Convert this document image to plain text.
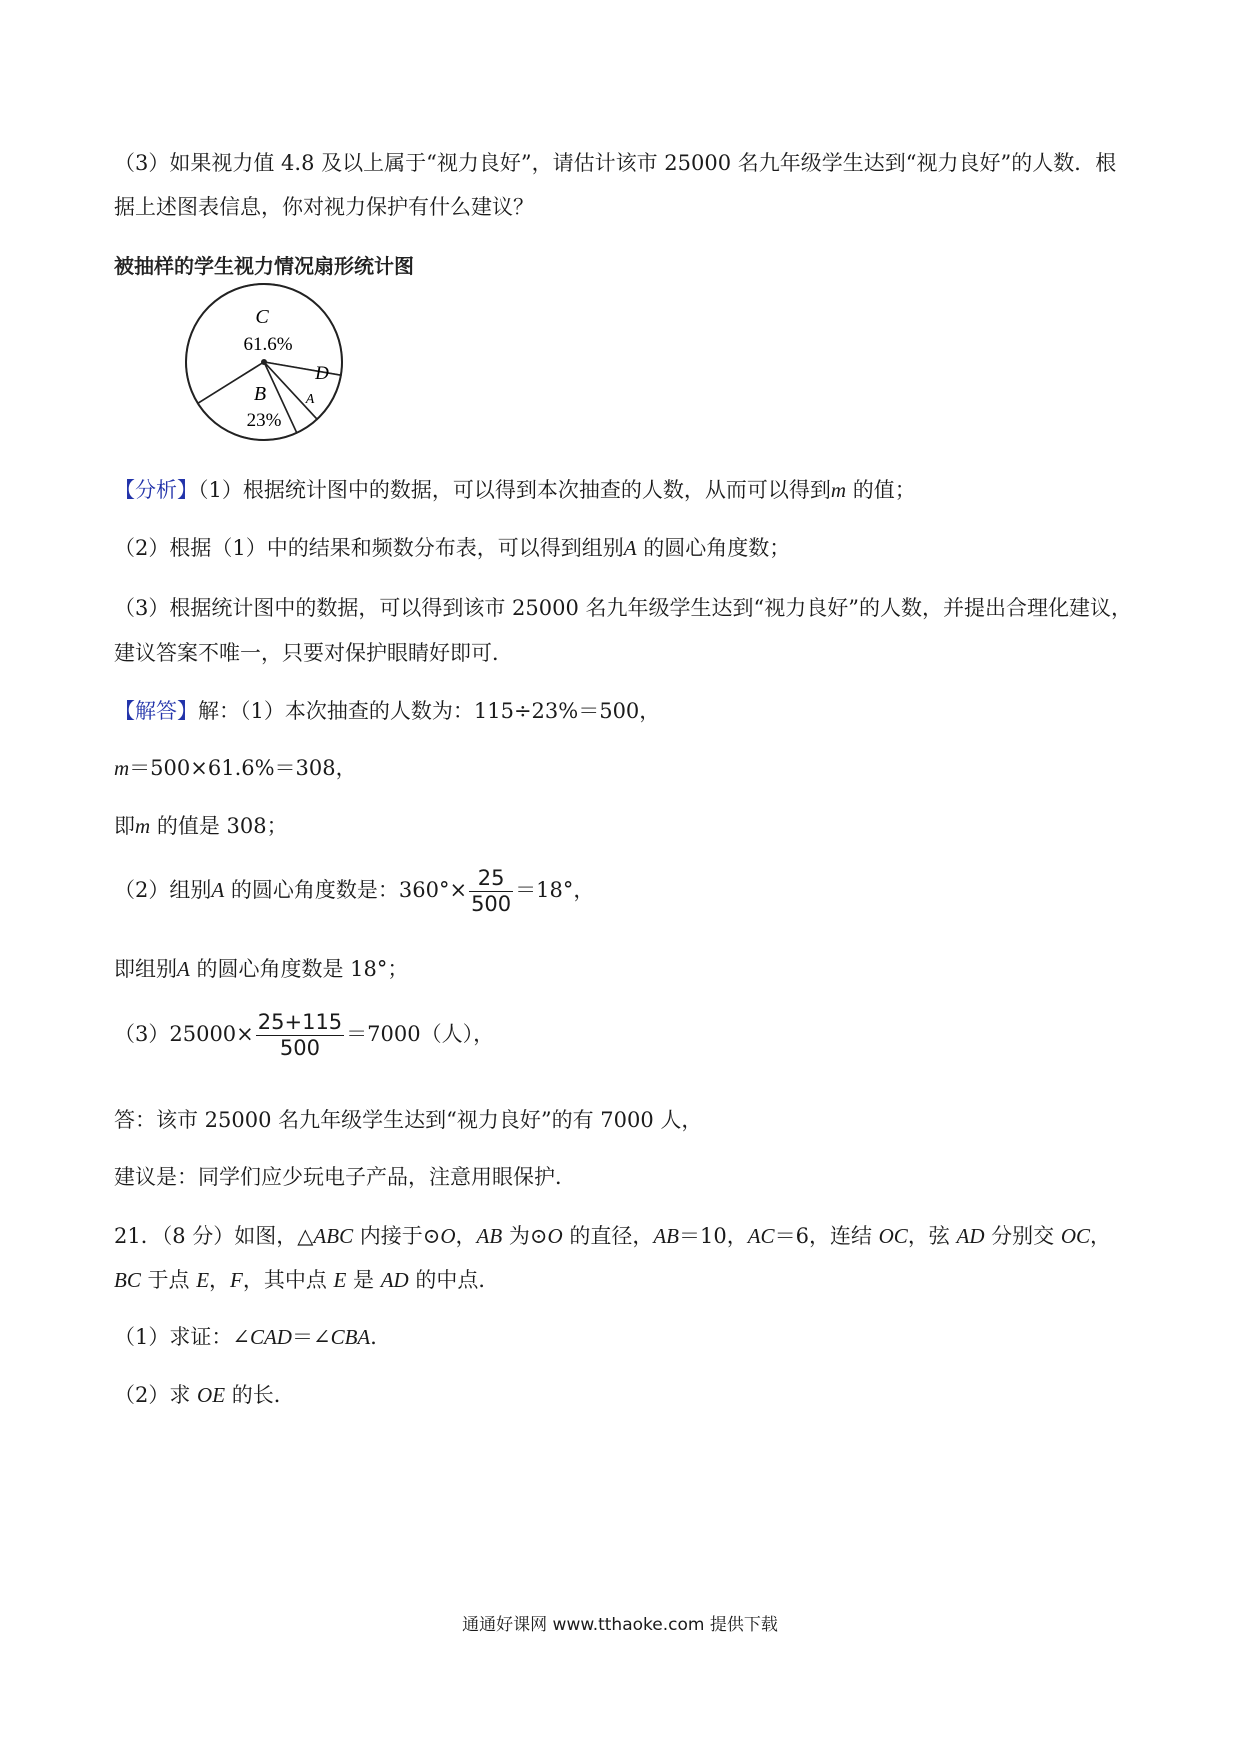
（3）如果视力值 4.8 及以上属于“视力良好”，请估计该市 25000 名九年级学生达到“视力良好”的人数．根
据上述图表信息，你对视力保护有什么建议？
被抽样的学生视力情况扇形统计图
C
61.6%
D
A
B
23%
【分析】（1）根据统计图中的数据，可以得到本次抽查的人数，从而可以得到m 的值；
（2）根据（1）中的结果和频数分布表，可以得到组别A 的圆心角度数；
（3）根据统计图中的数据，可以得到该市 25000 名九年级学生达到“视力良好”的人数，并提出合理化建议，
建议答案不唯一，只要对保护眼睛好即可．
【解答】解：（1）本次抽查的人数为：115÷23%＝500，
m＝500×61.6%＝308，
即m 的值是 308；
（2）组别A 的圆心角度数是：$360^\circ\times \frac{25}{500} =18^\circ$，
即组别A 的圆心角度数是 18°；
$(3)25000\times \frac{25+115}{500} =7000$（人），
答：该市 25000 名九年级学生达到“视力良好”的有 7000 人，
建议是：同学们应少玩电子产品，注意用眼保护．
21．（8 分）如图，△ABC 内接于⊙O，AB 为⊙O 的直径，AB＝10，AC＝6，连结 OC，弦 AD 分别交 OC，
BC 于点 E，F，其中点 E 是 AD 的中点．
（1）求证：∠CAD＝∠CBA．
（2）求 OE 的长．
通通好课网 www.tthaoke.com 提供下载
